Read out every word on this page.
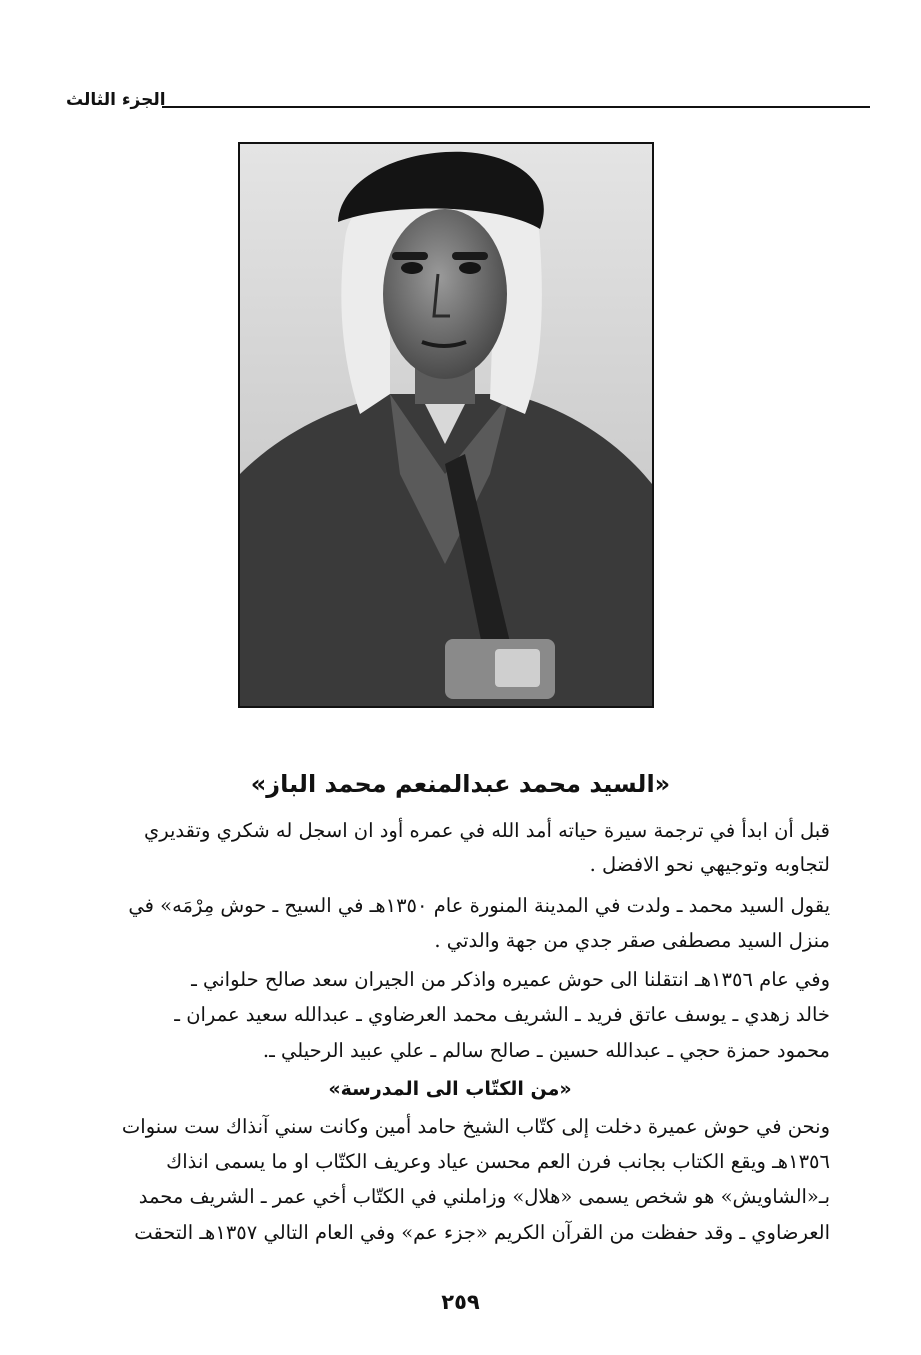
الجزء الثالث
«السيد محمد عبدالمنعم محمد الباز»
قبل أن ابدأ في ترجمة سيرة حياته أمد الله في عمره أود ان اسجل له شكري وتقديري
لتجاوبه وتوجيهي نحو الافضل .
يقول السيد محمد ـ ولدت في المدينة المنورة عام ١٣٥٠هـ في السيح ـ حوش مِرْمَه» في
منزل السيد مصطفى صقر جدي من جهة والدتي .
وفي عام ١٣٥٦هـ انتقلنا الى حوش عميره واذكر من الجيران سعد صالح حلواني ـ
خالد زهدي ـ يوسف عاتق فريد ـ الشريف محمد العرضاوي ـ عبدالله سعيد عمران ـ
محمود حمزة حجي ـ عبدالله حسين ـ صالح سالم ـ علي عبيد الرحيلي ـ.
«من الكتّاب الى المدرسة»
ونحن في حوش عميرة دخلت إلى كتّاب الشيخ حامد أمين وكانت سني آنذاك ست سنوات
١٣٥٦هـ ويقع الكتاب بجانب فرن العم محسن عياد وعريف الكتّاب او ما يسمى انذاك
بـ«الشاويش» هو شخص يسمى «هلال» وزاملني في الكتّاب أخي عمر ـ الشريف محمد
العرضاوي ـ وقد حفظت من القرآن الكريم «جزء عم» وفي العام التالي ١٣٥٧هـ التحقت
٢٥٩
